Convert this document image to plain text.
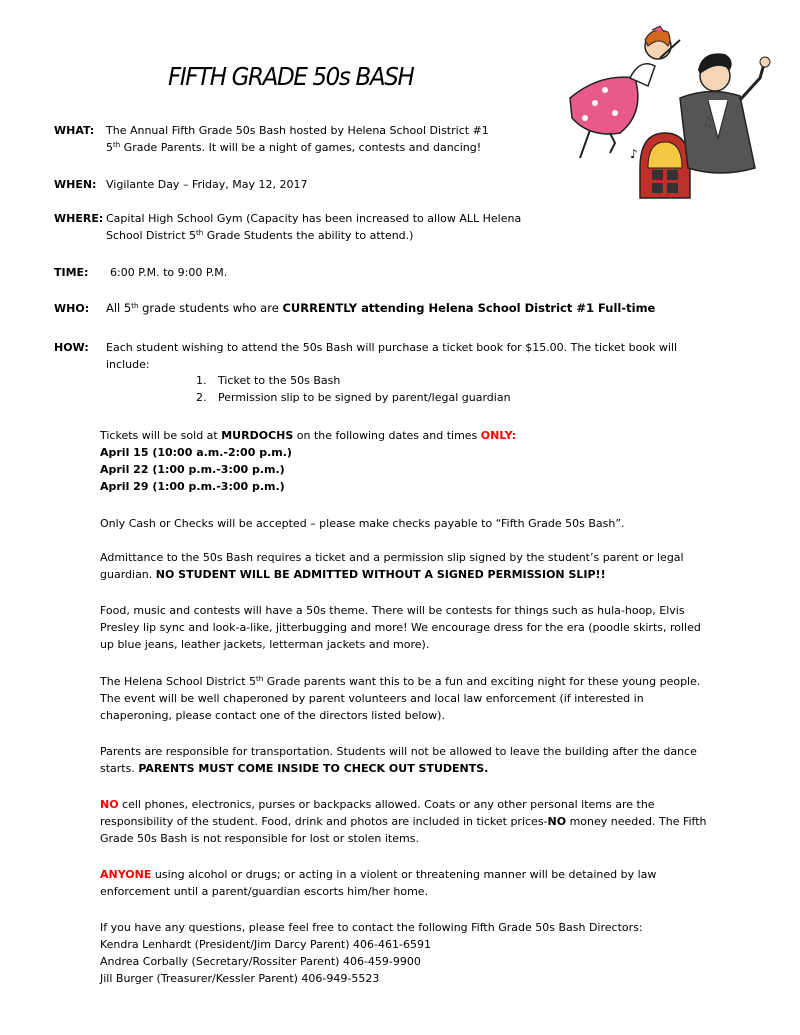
FIFTH GRADE 50s BASH
♪
♫
WHAT: The Annual Fifth Grade 50s Bash hosted by Helena School District #1
5th Grade Parents. It will be a night of games, contests and dancing!
WHEN: Vigilante Day – Friday, May 12, 2017
WHERE: Capital High School Gym (Capacity has been increased to allow ALL Helena
School District 5th Grade Students the ability to attend.)
TIME: 6:00 P.M. to 9:00 P.M.
WHO: All 5th grade students who are CURRENTLY attending Helena School District #1 Full-time
HOW: Each student wishing to attend the 50s Bash will purchase a ticket book for $15.00. The ticket book will
include:
1. Ticket to the 50s Bash
2. Permission slip to be signed by parent/legal guardian
Tickets will be sold at MURDOCHS on the following dates and times ONLY:
April 15 (10:00 a.m.-2:00 p.m.)
April 22 (1:00 p.m.-3:00 p.m.)
April 29 (1:00 p.m.-3:00 p.m.)
Only Cash or Checks will be accepted – please make checks payable to “Fifth Grade 50s Bash”.
Admittance to the 50s Bash requires a ticket and a permission slip signed by the student’s parent or legal
guardian. NO STUDENT WILL BE ADMITTED WITHOUT A SIGNED PERMISSION SLIP!!
Food, music and contests will have a 50s theme. There will be contests for things such as hula-hoop, Elvis
Presley lip sync and look-a-like, jitterbugging and more! We encourage dress for the era (poodle skirts, rolled
up blue jeans, leather jackets, letterman jackets and more).
The Helena School District 5th Grade parents want this to be a fun and exciting night for these young people.
The event will be well chaperoned by parent volunteers and local law enforcement (if interested in
chaperoning, please contact one of the directors listed below).
Parents are responsible for transportation. Students will not be allowed to leave the building after the dance
starts. PARENTS MUST COME INSIDE TO CHECK OUT STUDENTS.
NO cell phones, electronics, purses or backpacks allowed. Coats or any other personal items are the
responsibility of the student. Food, drink and photos are included in ticket prices-NO money needed. The Fifth
Grade 50s Bash is not responsible for lost or stolen items.
ANYONE using alcohol or drugs; or acting in a violent or threatening manner will be detained by law
enforcement until a parent/guardian escorts him/her home.
If you have any questions, please feel free to contact the following Fifth Grade 50s Bash Directors:
Kendra Lenhardt (President/Jim Darcy Parent) 406-461-6591
Andrea Corbally (Secretary/Rossiter Parent) 406-459-9900
Jill Burger (Treasurer/Kessler Parent) 406-949-5523
